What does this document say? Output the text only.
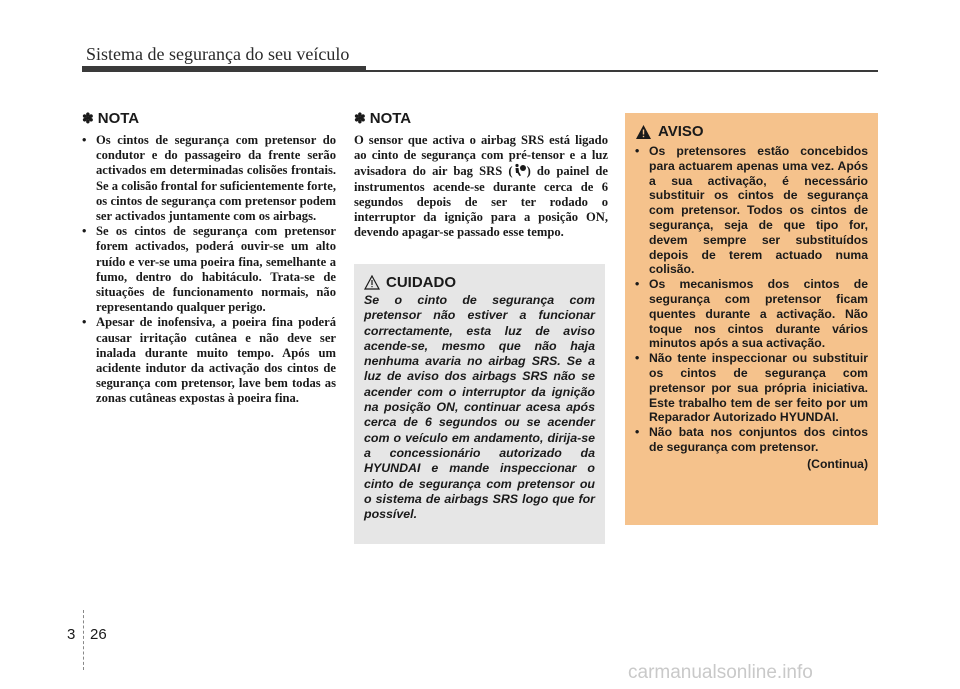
Sistema de segurança do seu veículo
✽ NOTA
• Os cintos de segurança com pretensor do condutor e do passageiro da frente serão activados em determinadas colisões frontais. Se a colisão frontal for suficientemente forte, os cintos de segurança com pretensor podem ser activados juntamente com os airbags.
• Se os cintos de segurança com pretensor forem activados, poderá ouvir-se um alto ruído e ver-se uma poeira fina, semelhante a fumo, dentro do habitáculo. Trata-se de situações de funcionamento normais, não representando qualquer perigo.
• Apesar de inofensiva, a poeira fina poderá causar irritação cutânea e não deve ser inalada durante muito tempo. Após um acidente indutor da activação dos cintos de segurança com pretensor, lave bem todas as zonas cutâneas expostas à poeira fina.
✽ NOTA

O sensor que activa o airbag SRS está ligado ao cinto de segurança com pré-tensor e a luz avisadora do air bag SRS ( ) do painel de instrumentos acende-se durante cerca de 6 segundos depois de ser ter rodado o interruptor da ignição para a posição ON, devendo apagar-se passado esse tempo.

CUIDADO

Se o cinto de segurança com pretensor não estiver a funcionar correctamente, esta luz de aviso acende-se, mesmo que não haja nenhuma avaria no airbag SRS. Se a luz de aviso dos airbags SRS não se acender com o interruptor da ignição na posição ON, continuar acesa após cerca de 6 segundos ou se acender com o veículo em andamento, dirija-se a concessionário autorizado da HYUNDAI e mande inspeccionar o cinto de segurança com pretensor ou o sistema de airbags SRS logo que for possível.

AVISO
• Os pretensores estão concebidos para actuarem apenas uma vez. Após a sua activação, é necessário substituir os cintos de segurança com pretensor. Todos os cintos de segurança, seja de que tipo for, devem sempre ser substituídos depois de terem actuado numa colisão.
• Os mecanismos dos cintos de segurança com pretensor ficam quentes durante a activação. Não toque nos cintos durante vários minutos após a sua activação.
• Não tente inspeccionar ou substituir os cintos de segurança com pretensor por sua própria iniciativa. Este trabalho tem de ser feito por um Reparador Autorizado HYUNDAI.
• Não bata nos conjuntos dos cintos de segurança com pretensor.
(Continua)
3 26
carmanualsonline.info
